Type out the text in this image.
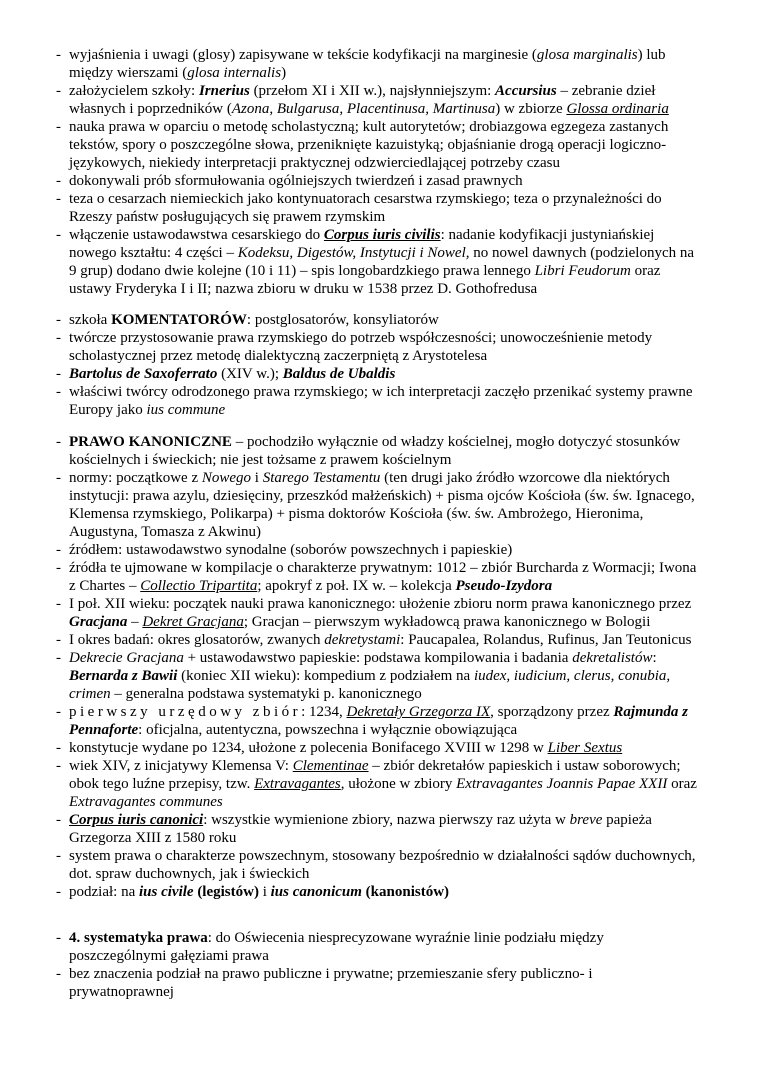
- wyjaśnienia i uwagi (glosy) zapisywane w tekście kodyfikacji na marginesie (glosa marginalis) lub między wierszami (glosa internalis)
- założycielem szkoły: Irnerius (przełom XI i XII w.), najsłynniejszym: Accursius – zebranie dzieł własnych i poprzedników (Azona, Bulgarusa, Placentinusa, Martinusa) w zbiorze Glossa ordinaria
- nauka prawa w oparciu o metodę scholastyczną; kult autorytetów; drobiazgowa egzegeza zastanych tekstów, spory o poszczególne słowa, przeniknięte kazuistyką; objaśnianie drogą operacji logiczno-językowych, niekiedy interpretacji praktycznej odzwierciedlającej potrzeby czasu
- dokonywali prób sformułowania ogólniejszych twierdzeń i zasad prawnych
- teza o cesarzach niemieckich jako kontynuatorach cesarstwa rzymskiego; teza o przynależności do Rzeszy państw posługujących się prawem rzymskim
- włączenie ustawodawstwa cesarskiego do Corpus iuris civilis: nadanie kodyfikacji justyniańskiej nowego kształtu: 4 części – Kodeksu, Digestów, Instytucji i Nowel, no nowel dawnych (podzielonych na 9 grup) dodano dwie kolejne (10 i 11) – spis longobardzkiego prawa lennego Libri Feudorum oraz ustawy Fryderyka I i II; nazwa zbioru w druku w 1538 przez D. Gothofredusa
- szkoła KOMENTATORÓW: postglosatorów, konsyliatorów
- twórcze przystosowanie prawa rzymskiego do potrzeb współczesności; unowocześnienie metody scholastycznej przez metodę dialektyczną zaczerpniętą z Arystotelesa
- Bartolus de Saxoferrato (XIV w.); Baldus de Ubaldis
- właściwi twórcy odrodzonego prawa rzymskiego; w ich interpretacji zaczęło przenikać systemy prawne Europy jako ius commune
- PRAWO KANONICZNE – pochodziło wyłącznie od władzy kościelnej, mogło dotyczyć stosunków kościelnych i świeckich; nie jest tożsame z prawem kościelnym
- normy: początkowe z Nowego i Starego Testamentu (ten drugi jako źródło wzorcowe dla niektórych instytucji: prawa azylu, dziesięciny, przeszkód małżeńskich) + pisma ojców Kościoła (św. św. Ignacego, Klemensa rzymskiego, Polikarpa) + pisma doktorów Kościoła (św. św. Ambrożego, Hieronima, Augustyna, Tomasza z Akwinu)
- źródłem: ustawodawstwo synodalne (soborów powszechnych i papieskie)
- źródła te ujmowane w kompilacje o charakterze prywatnym: 1012 – zbiór Burcharda z Wormacji; Iwona z Chartes – Collectio Tripartita; apokryf z poł. IX w. – kolekcja Pseudo-Izydora
- I poł. XII wieku: początek nauki prawa kanonicznego: ułożenie zbioru norm prawa kanonicznego przez Gracjana – Dekret Gracjana; Gracjan – pierwszym wykładowcą prawa kanonicznego w Bologii
- I okres badań: okres glosatorów, zwanych dekretystami: Paucapalea, Rolandus, Rufinus, Jan Teutonicus
- Dekrecie Gracjana + ustawodawstwo papieskie: podstawa kompilowania i badania dekretalistów: Bernarda z Bawii (koniec XII wieku): kompedium z podziałem na iudex, iudicium, clerus, conubia, crimen – generalna podstawa systematyki p. kanonicznego
- pierwszy urzędowy zbiór: 1234, Dekretały Grzegorza IX, sporządzony przez Rajmunda z Pennaforte: oficjalna, autentyczna, powszechna i wyłącznie obowiązująca
- konstytucje wydane po 1234, ułożone z polecenia Bonifacego XVIII w 1298 w Liber Sextus
- wiek XIV, z inicjatywy Klemensa V: Clementinae – zbiór dekretałów papieskich i ustaw soborowych; obok tego luźne przepisy, tzw. Extravagantes, ułożone w zbiory Extravagantes Joannis Papae XXII oraz Extravagantes communes
- Corpus iuris canonici: wszystkie wymienione zbiory, nazwa pierwszy raz użyta w breve papieża Grzegorza XIII z 1580 roku
- system prawa o charakterze powszechnym, stosowany bezpośrednio w działalności sądów duchownych, dot. spraw duchownych, jak i świeckich
- podział: na ius civile (legistów) i ius canonicum (kanonistów)
- 4. systematyka prawa: do Oświecenia niesprecyzowane wyraźnie linie podziału między poszczególnymi gałęziami prawa
- bez znaczenia podział na prawo publiczne i prywatne; przemieszanie sfery publiczno- i prywatnoprawnej
